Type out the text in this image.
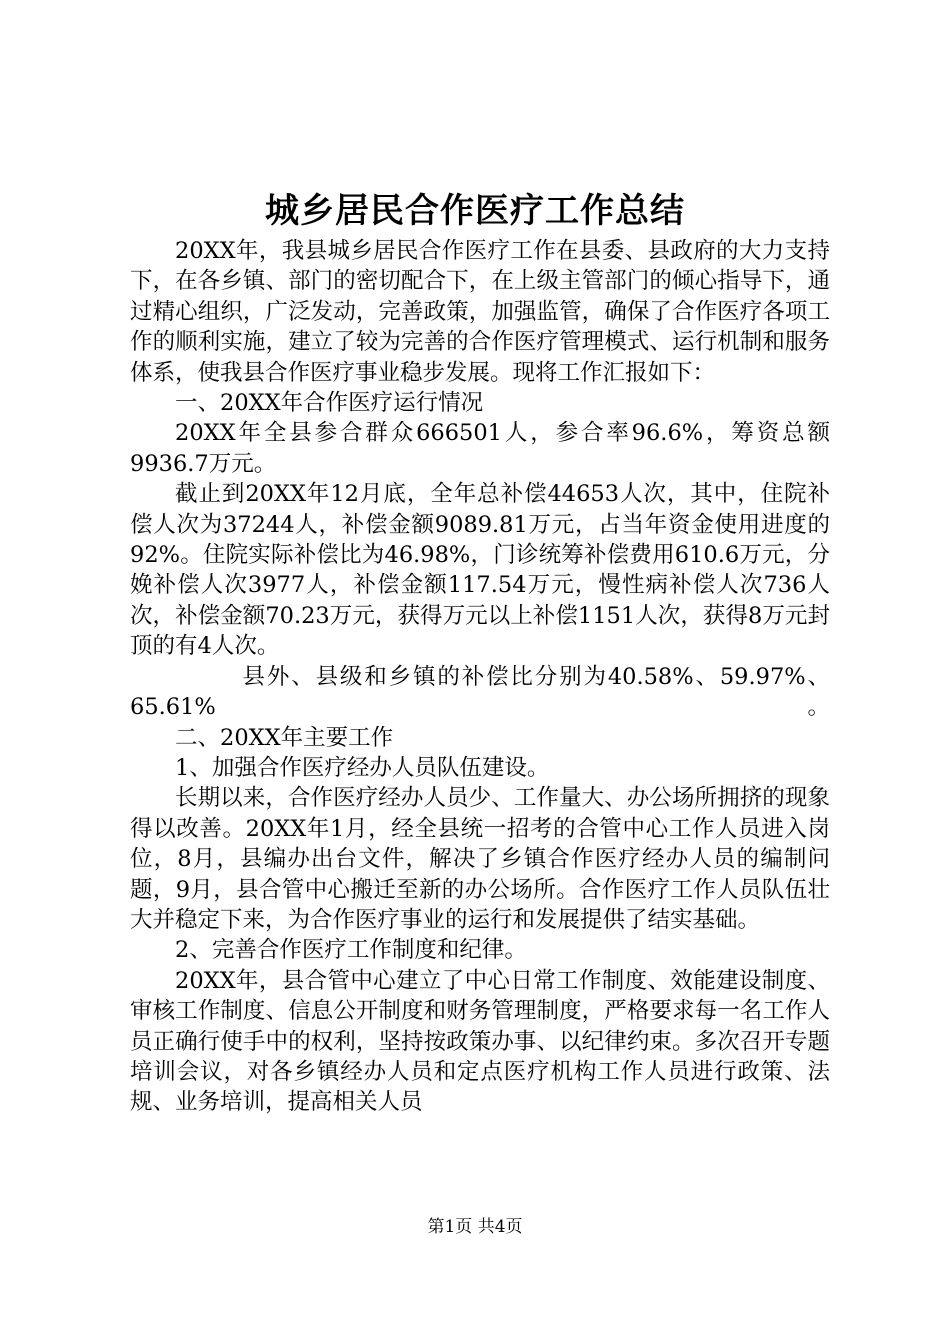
城乡居民合作医疗工作总结

20XX年，我县城乡居民合作医疗工作在县委、县政府的大力支持下，在各乡镇、部门的密切配合下，在上级主管部门的倾心指导下，通过精心组织，广泛发动，完善政策，加强监管，确保了合作医疗各项工作的顺利实施，建立了较为完善的合作医疗管理模式、运行机制和服务体系，使我县合作医疗事业稳步发展。现将工作汇报如下：

一、20XX年合作医疗运行情况

20XX年全县参合群众666501人，参合率96.6%，筹资总额9936.7万元。

截止到20XX年12月底，全年总补偿44653人次，其中，住院补偿人次为37244人，补偿金额9089.81万元，占当年资金使用进度的92%。住院实际补偿比为46.98%，门诊统筹补偿费用610.6万元，分娩补偿人次3977人，补偿金额117.54万元，慢性病补偿人次736人次，补偿金额70.23万元，获得万元以上补偿1151人次，获得8万元封顶的有4人次。

县外、县级和乡镇的补偿比分别为40.58%、59.97%、65.61%。

二、20XX年主要工作

1、加强合作医疗经办人员队伍建设。

长期以来，合作医疗经办人员少、工作量大、办公场所拥挤的现象得以改善。20XX年1月，经全县统一招考的合管中心工作人员进入岗位，8月，县编办出台文件，解决了乡镇合作医疗经办人员的编制问题，9月，县合管中心搬迁至新的办公场所。合作医疗工作人员队伍壮大并稳定下来，为合作医疗事业的运行和发展提供了结实基础。

2、完善合作医疗工作制度和纪律。

20XX年，县合管中心建立了中心日常工作制度、效能建设制度、审核工作制度、信息公开制度和财务管理制度，严格要求每一名工作人员正确行使手中的权利，坚持按政策办事、以纪律约束。多次召开专题培训会议，对各乡镇经办人员和定点医疗机构工作人员进行政策、法规、业务培训，提高相关人员

第1页 共4页
